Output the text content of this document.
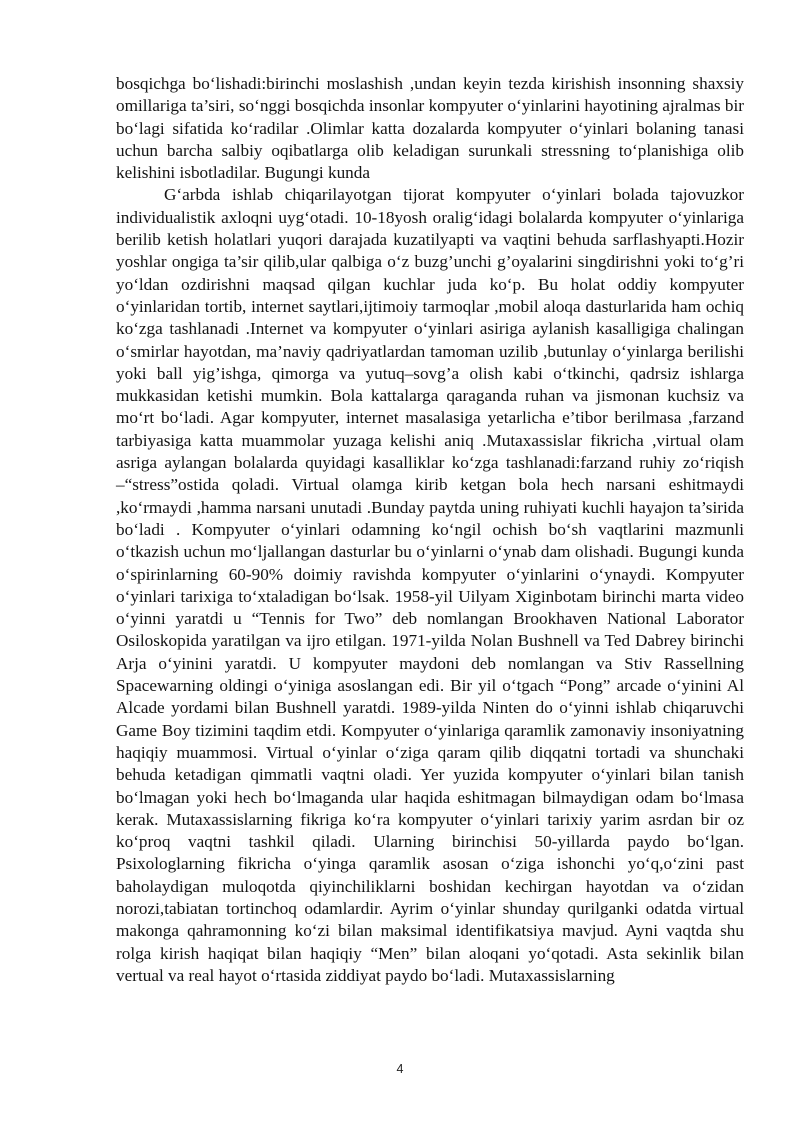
bosqichga bo‘lishadi:birinchi moslashish ,undan keyin tezda kirishish insonning shaxsiy omillariga ta’siri, so‘nggi bosqichda insonlar kompyuter o‘yinlarini hayotining ajralmas bir bo‘lagi sifatida ko‘radilar .Olimlar katta dozalarda kompyuter o‘yinlari bolaning tanasi uchun barcha salbiy oqibatlarga olib keladigan surunkali stressning to‘planishiga olib kelishini isbotladilar. Bugungi kunda

G‘arbda ishlab chiqarilayotgan tijorat kompyuter o‘yinlari bolada tajovuzkor individualistik axloqni uyg‘otadi. 10-18yosh oralig‘idagi bolalarda kompyuter o‘yinlariga berilib ketish holatlari yuqori darajada kuzatilyapti va vaqtini behuda sarflashyapti.Hozir yoshlar ongiga ta’sir qilib,ular qalbiga o‘z buzg’unchi g’oyalarini singdirishni yoki to‘g’ri yo‘ldan ozdirishni maqsad qilgan kuchlar juda ko‘p. Bu holat oddiy kompyuter o‘yinlaridan tortib, internet saytlari,ijtimoiy tarmoqlar ,mobil aloqa dasturlarida ham ochiq ko‘zga tashlanadi .Internet va kompyuter o‘yinlari asiriga aylanish kasalligiga chalingan o‘smirlar hayotdan, ma’naviy qadriyatlardan tamoman uzilib ,butunlay o‘yinlarga berilishi yoki ball yig’ishga, qimorga va yutuq–sovg’a olish kabi o‘tkinchi, qadrsiz ishlarga mukkasidan ketishi mumkin. Bola kattalarga qaraganda ruhan va jismonan kuchsiz va mo‘rt bo‘ladi. Agar kompyuter, internet masalasiga yetarlicha e’tibor berilmasa ,farzand tarbiyasiga katta muammolar yuzaga kelishi aniq .Mutaxassislar fikricha ,virtual olam asriga aylangan bolalarda quyidagi kasalliklar ko‘zga tashlanadi:farzand ruhiy zo‘riqish –“stress”ostida qoladi. Virtual olamga kirib ketgan bola hech narsani eshitmaydi ,ko‘rmaydi ,hamma narsani unutadi .Bunday paytda uning ruhiyati kuchli hayajon ta’sirida bo‘ladi . Kompyuter o‘yinlari odamning ko‘ngil ochish bo‘sh vaqtlarini mazmunli o‘tkazish uchun mo‘ljallangan dasturlar bu o‘yinlarni o‘ynab dam olishadi. Bugungi kunda o‘spirinlarning 60-90% doimiy ravishda kompyuter o‘yinlarini o‘ynaydi. Kompyuter o‘yinlari tarixiga to‘xtaladigan bo‘lsak. 1958-yil Uilyam Xiginbotam birinchi marta video o‘yinni yaratdi u “Tennis for Two” deb nomlangan Brookhaven National Laborator Osiloskopida yaratilgan va ijro etilgan. 1971-yilda Nolan Bushnell va Ted Dabrey birinchi Arja o‘yinini yaratdi. U kompyuter maydoni deb nomlangan va Stiv Rassellning Spacewarning oldingi o‘yiniga asoslangan edi. Bir yil o‘tgach “Pong” arcade o‘yinini Al Alcade yordami bilan Bushnell yaratdi. 1989-yilda Ninten do o‘yinni ishlab chiqaruvchi Game Boy tizimini taqdim etdi. Kompyuter o‘yinlariga qaramlik zamonaviy insoniyatning haqiqiy muammosi. Virtual o‘yinlar o‘ziga qaram qilib diqqatni tortadi va shunchaki behuda ketadigan qimmatli vaqtni oladi. Yer yuzida kompyuter o‘yinlari bilan tanish bo‘lmagan yoki hech bo‘lmaganda ular haqida eshitmagan bilmaydigan odam bo‘lmasa kerak. Mutaxassislarning fikriga ko‘ra kompyuter o‘yinlari tarixiy yarim asrdan bir oz ko‘proq vaqtni tashkil qiladi. Ularning birinchisi 50-yillarda paydo bo‘lgan. Psixologlarning fikricha o‘yinga qaramlik asosan o‘ziga ishonchi yo‘q,o‘zini past baholaydigan muloqotda qiyinchiliklarni boshidan kechirgan hayotdan va o‘zidan norozi,tabiatan tortinchoq odamlardir. Ayrim o‘yinlar shunday qurilganki odatda virtual makonga qahramonning ko‘zi bilan maksimal identifikatsiya mavjud. Ayni vaqtda shu rolga kirish haqiqat bilan haqiqiy “Men” bilan aloqani yo‘qotadi. Asta sekinlik bilan vertual va real hayot o‘rtasida ziddiyat paydo bo‘ladi. Mutaxassislarning

4
